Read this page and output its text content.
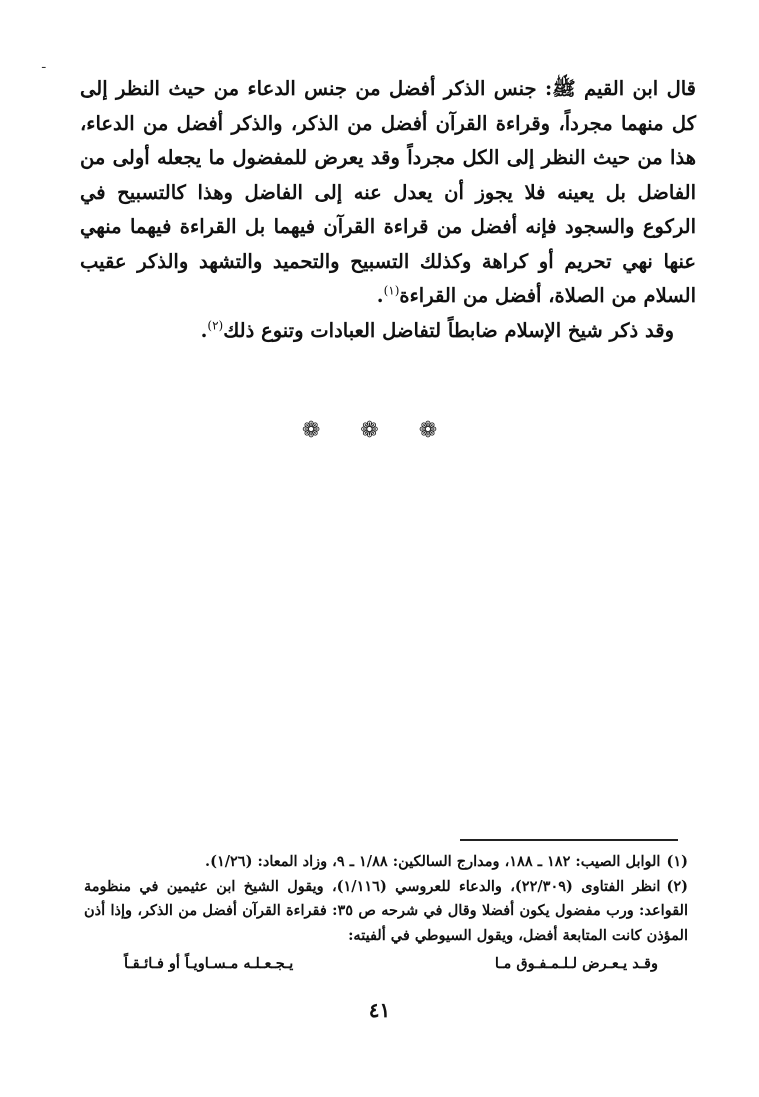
ـ

قال ابن القيم ﷺ: جنس الذكر أفضل من جنس الدعاء من حيث النظر إلى كل منهما مجرداً، وقراءة القرآن أفضل من الذكر، والذكر أفضل من الدعاء، هذا من حيث النظر إلى الكل مجرداً وقد يعرض للمفضول ما يجعله أولى من الفاضل بل يعينه فلا يجوز أن يعدل عنه إلى الفاضل وهذا كالتسبيح في الركوع والسجود فإنه أفضل من قراءة القرآن فيهما بل القراءة فيهما منهي عنها نهي تحريم أو كراهة وكذلك التسبيح والتحميد والتشهد والذكر عقيب السلام من الصلاة، أفضل من القراءة$^{(١)}$.

وقد ذكر شيخ الإسلام ضابطاً لتفاضل العبادات وتنوع ذلك$^{(٢)}$.

❁❁❁

(١)الوابل الصيب: ١٨٢ ـ ١٨٨، ومدارج السالكين: ١/٨٨ ـ ٩، وزاد المعاد: (١/٢٦).

(٢)انظر الفتاوى (٢٢/٣٠٩)، والدعاء للعروسي (١/١١٦)، ويقول الشيخ ابن عثيمين في منظومة القواعد: ورب مفضول يكون أفضلا وقال في شرحه ص ٣٥: فقراءة القرآن أفضل من الذكر، وإذا أذن المؤذن كانت المتابعة أفضل، ويقول السيوطي في ألفيته:

وقـد يـعـرض لـلـمـفـوق مـا
يـجـعـلـه مـسـاويـاً أو فـائـقـاً
٤١
